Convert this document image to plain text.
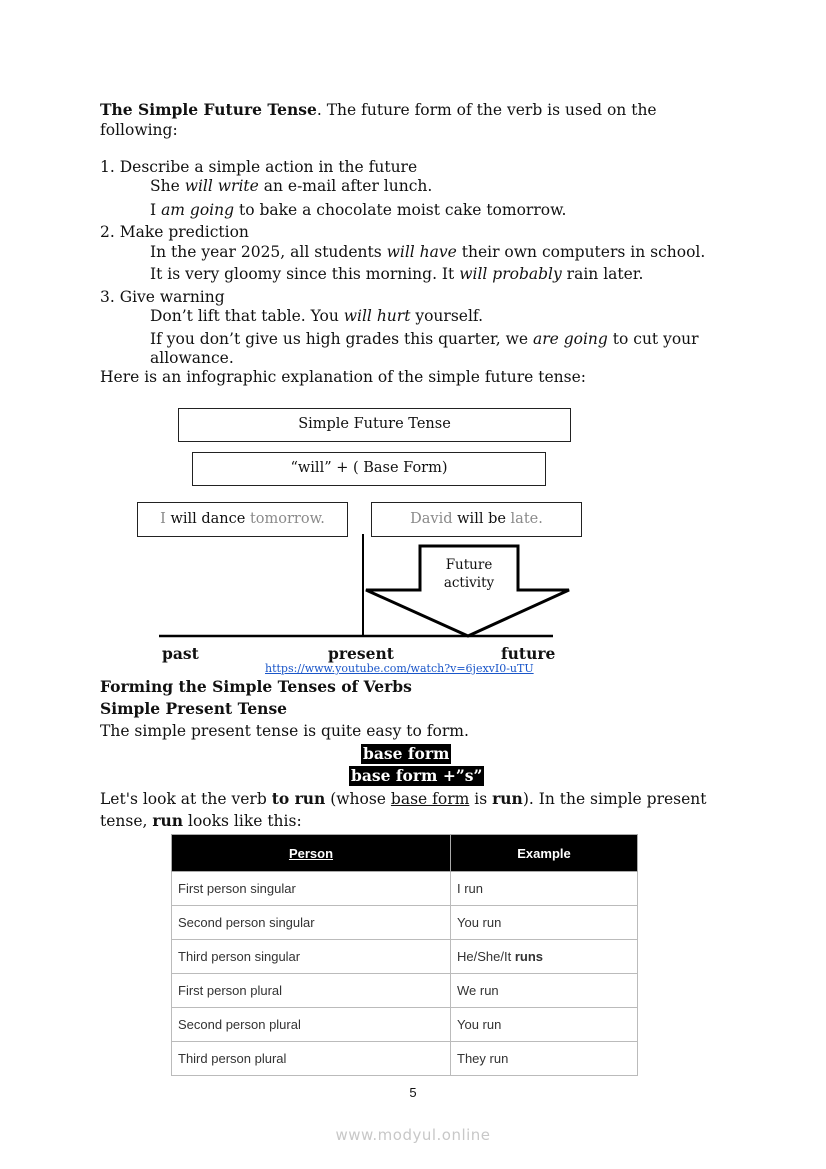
The Simple Future Tense. The future form of the verb is used on the
following:
1. Describe a simple action in the future
She will write an e-mail after lunch.
I am going to bake a chocolate moist cake tomorrow.
2. Make prediction
In the year 2025, all students will have their own computers in school.
It is very gloomy since this morning. It will probably rain later.
3. Give warning
Don’t lift that table. You will hurt yourself.
If you don’t give us high grades this quarter, we are going to cut your
allowance.
Here is an infographic explanation of the simple future tense:
Simple Future Tense
“will” + ( Base Form)
I will dance tomorrow.	David will be late.
Future
activity
past	present	future
https://www.youtube.com/watch?v=6jexvI0-uTU
Forming the Simple Tenses of Verbs
Simple Present Tense
The simple present tense is quite easy to form.
base form
base form +”s”
Let's look at the verb to run (whose base form is run). In the simple present
tense, run looks like this:
Person	Example
First person singular	I run
Second person singular	You run
Third person singular	He/She/It runs
First person plural	We run
Second person plural	You run
Third person plural	They run
5
www.modyul.online
